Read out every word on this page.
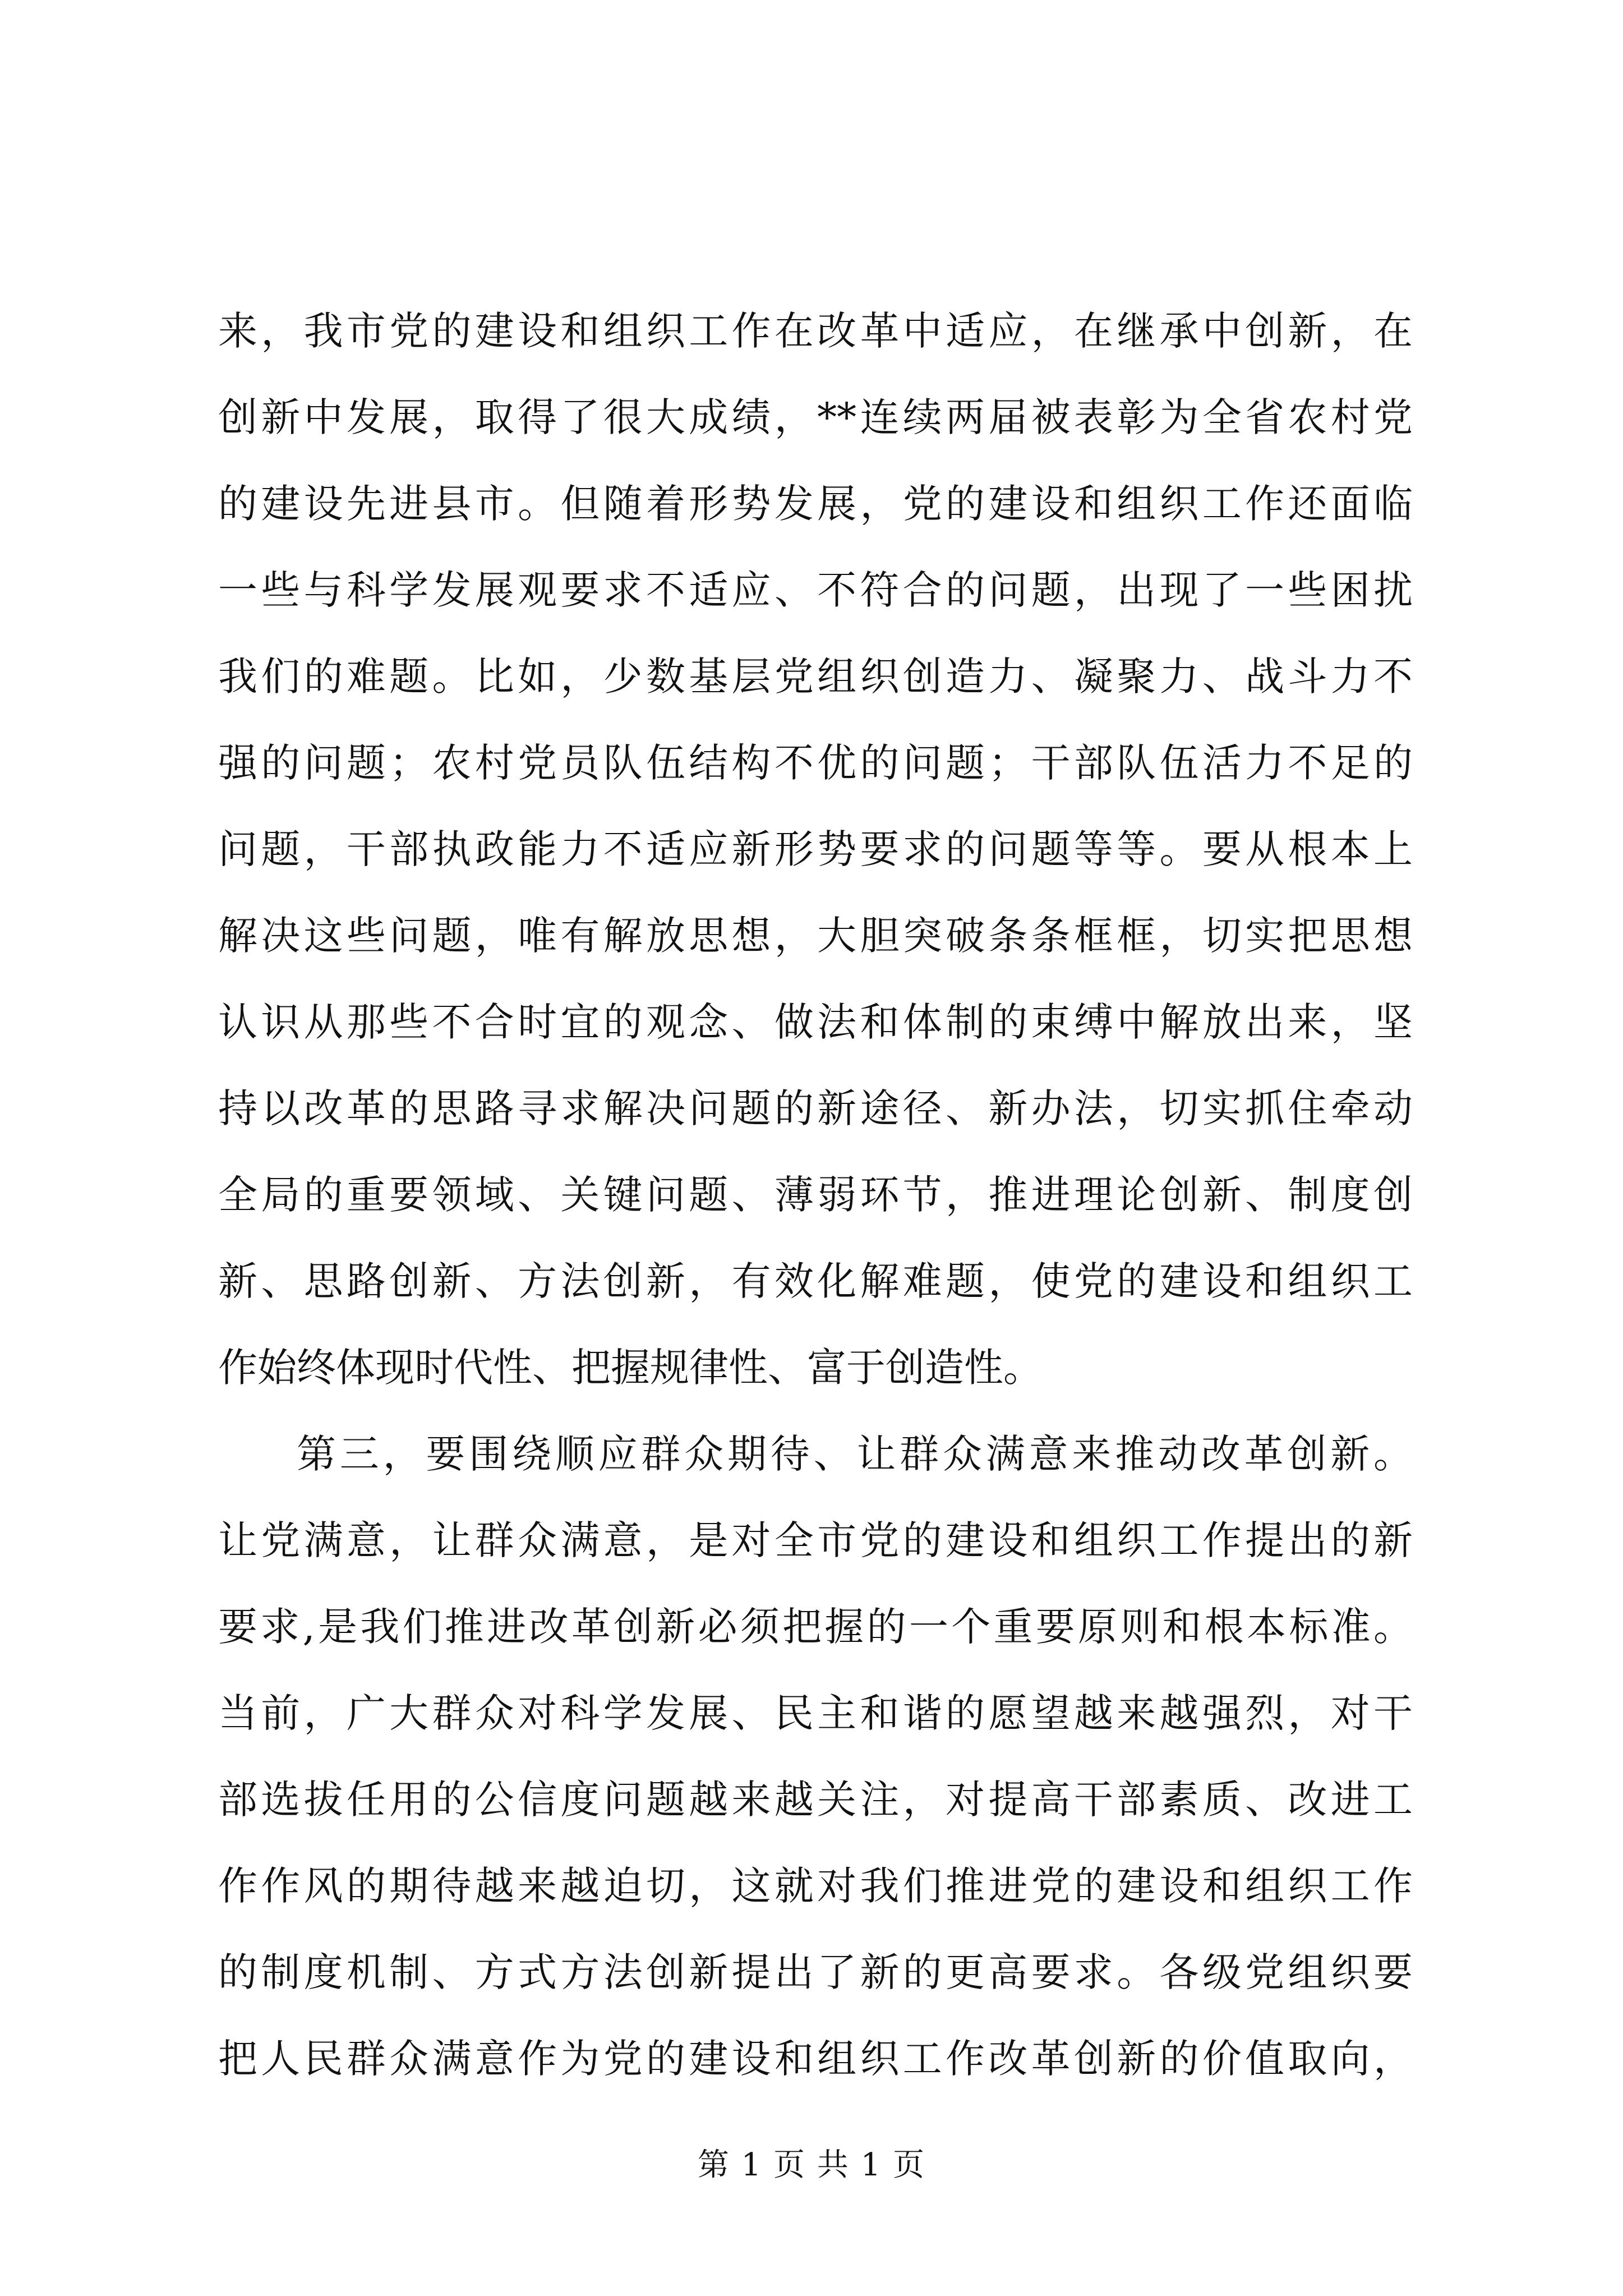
来，我市党的建设和组织工作在改革中适应，在继承中创新，在
创新中发展，取得了很大成绩，**连续两届被表彰为全省农村党
的建设先进县市。但随着形势发展，党的建设和组织工作还面临
一些与科学发展观要求不适应、不符合的问题，出现了一些困扰
我们的难题。比如，少数基层党组织创造力、凝聚力、战斗力不
强的问题；农村党员队伍结构不优的问题；干部队伍活力不足的
问题，干部执政能力不适应新形势要求的问题等等。要从根本上
解决这些问题，唯有解放思想，大胆突破条条框框，切实把思想
认识从那些不合时宜的观念、做法和体制的束缚中解放出来，坚
持以改革的思路寻求解决问题的新途径、新办法，切实抓住牵动
全局的重要领域、关键问题、薄弱环节，推进理论创新、制度创
新、思路创新、方法创新，有效化解难题，使党的建设和组织工
作始终体现时代性、把握规律性、富于创造性。
第三，要围绕顺应群众期待、让群众满意来推动改革创新。
让党满意，让群众满意，是对全市党的建设和组织工作提出的新
要求,是我们推进改革创新必须把握的一个重要原则和根本标准。
当前，广大群众对科学发展、民主和谐的愿望越来越强烈，对干
部选拔任用的公信度问题越来越关注，对提高干部素质、改进工
作作风的期待越来越迫切，这就对我们推进党的建设和组织工作
的制度机制、方式方法创新提出了新的更高要求。各级党组织要
把人民群众满意作为党的建设和组织工作改革创新的价值取向，
第 1 页 共 1 页
